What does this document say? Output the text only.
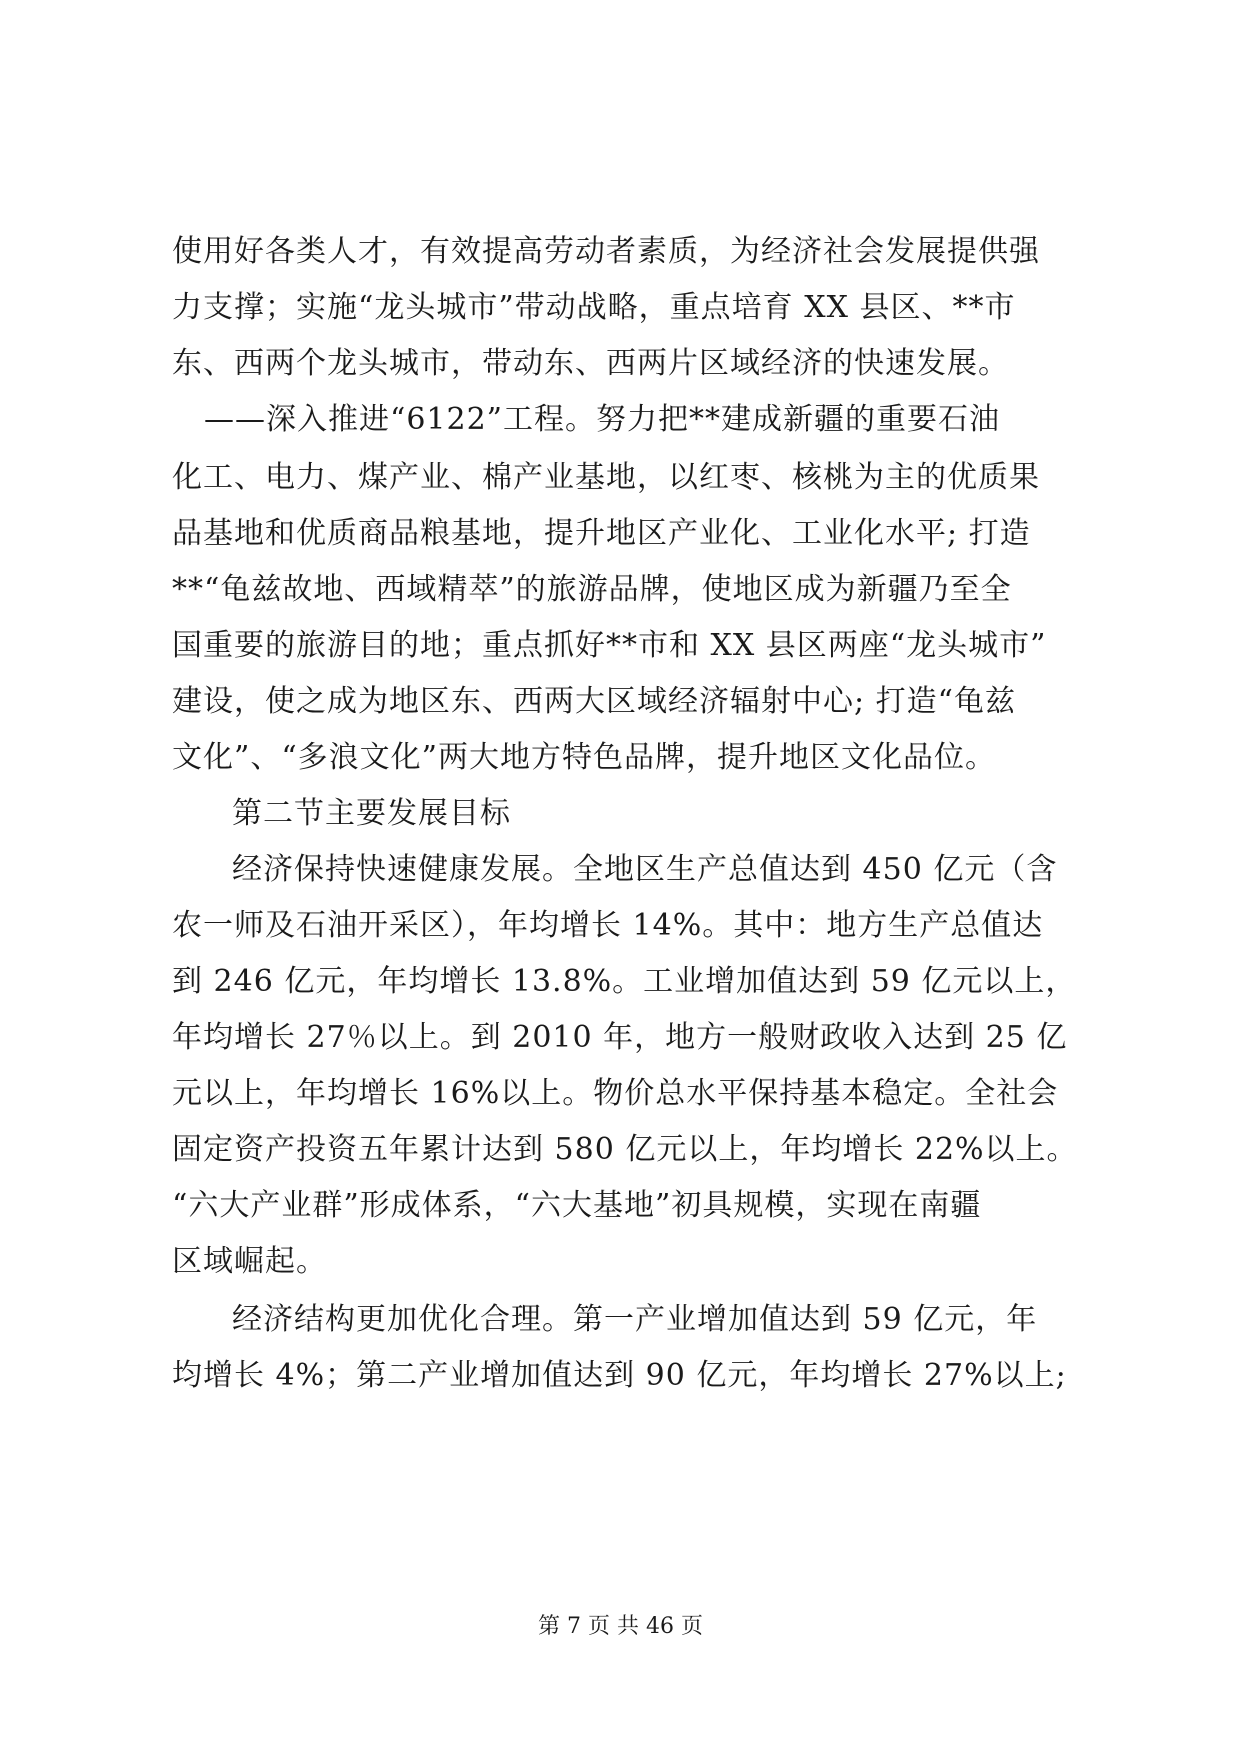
使用好各类人才，有效提高劳动者素质，为经济社会发展提供强
力支撑；实施“龙头城市”带动战略，重点培育 XX 县区、**市
东、西两个龙头城市，带动东、西两片区域经济的快速发展。
——深入推进“6122”工程。努力把**建成新疆的重要石油
化工、电力、煤产业、棉产业基地，以红枣、核桃为主的优质果
品基地和优质商品粮基地，提升地区产业化、工业化水平; 打造
**“龟兹故地、西域精萃”的旅游品牌，使地区成为新疆乃至全
国重要的旅游目的地；重点抓好**市和 XX 县区两座“龙头城市”
建设，使之成为地区东、西两大区域经济辐射中心; 打造“龟兹
文化”、“多浪文化”两大地方特色品牌，提升地区文化品位。
第二节主要发展目标
经济保持快速健康发展。全地区生产总值达到 450 亿元（含
农一师及石油开采区），年均增长 14%。其中：地方生产总值达
到 246 亿元，年均增长 13.8%。工业增加值达到 59 亿元以上，
年均增长 27％以上。到 2010 年，地方一般财政收入达到 25 亿
元以上，年均增长 16%以上。物价总水平保持基本稳定。全社会
固定资产投资五年累计达到 580 亿元以上，年均增长 22%以上。
“六大产业群”形成体系，“六大基地”初具规模，实现在南疆
区域崛起。
经济结构更加优化合理。第一产业增加值达到 59 亿元，年
均增长 4%；第二产业增加值达到 90 亿元，年均增长 27%以上;
第 7 页 共 46 页
